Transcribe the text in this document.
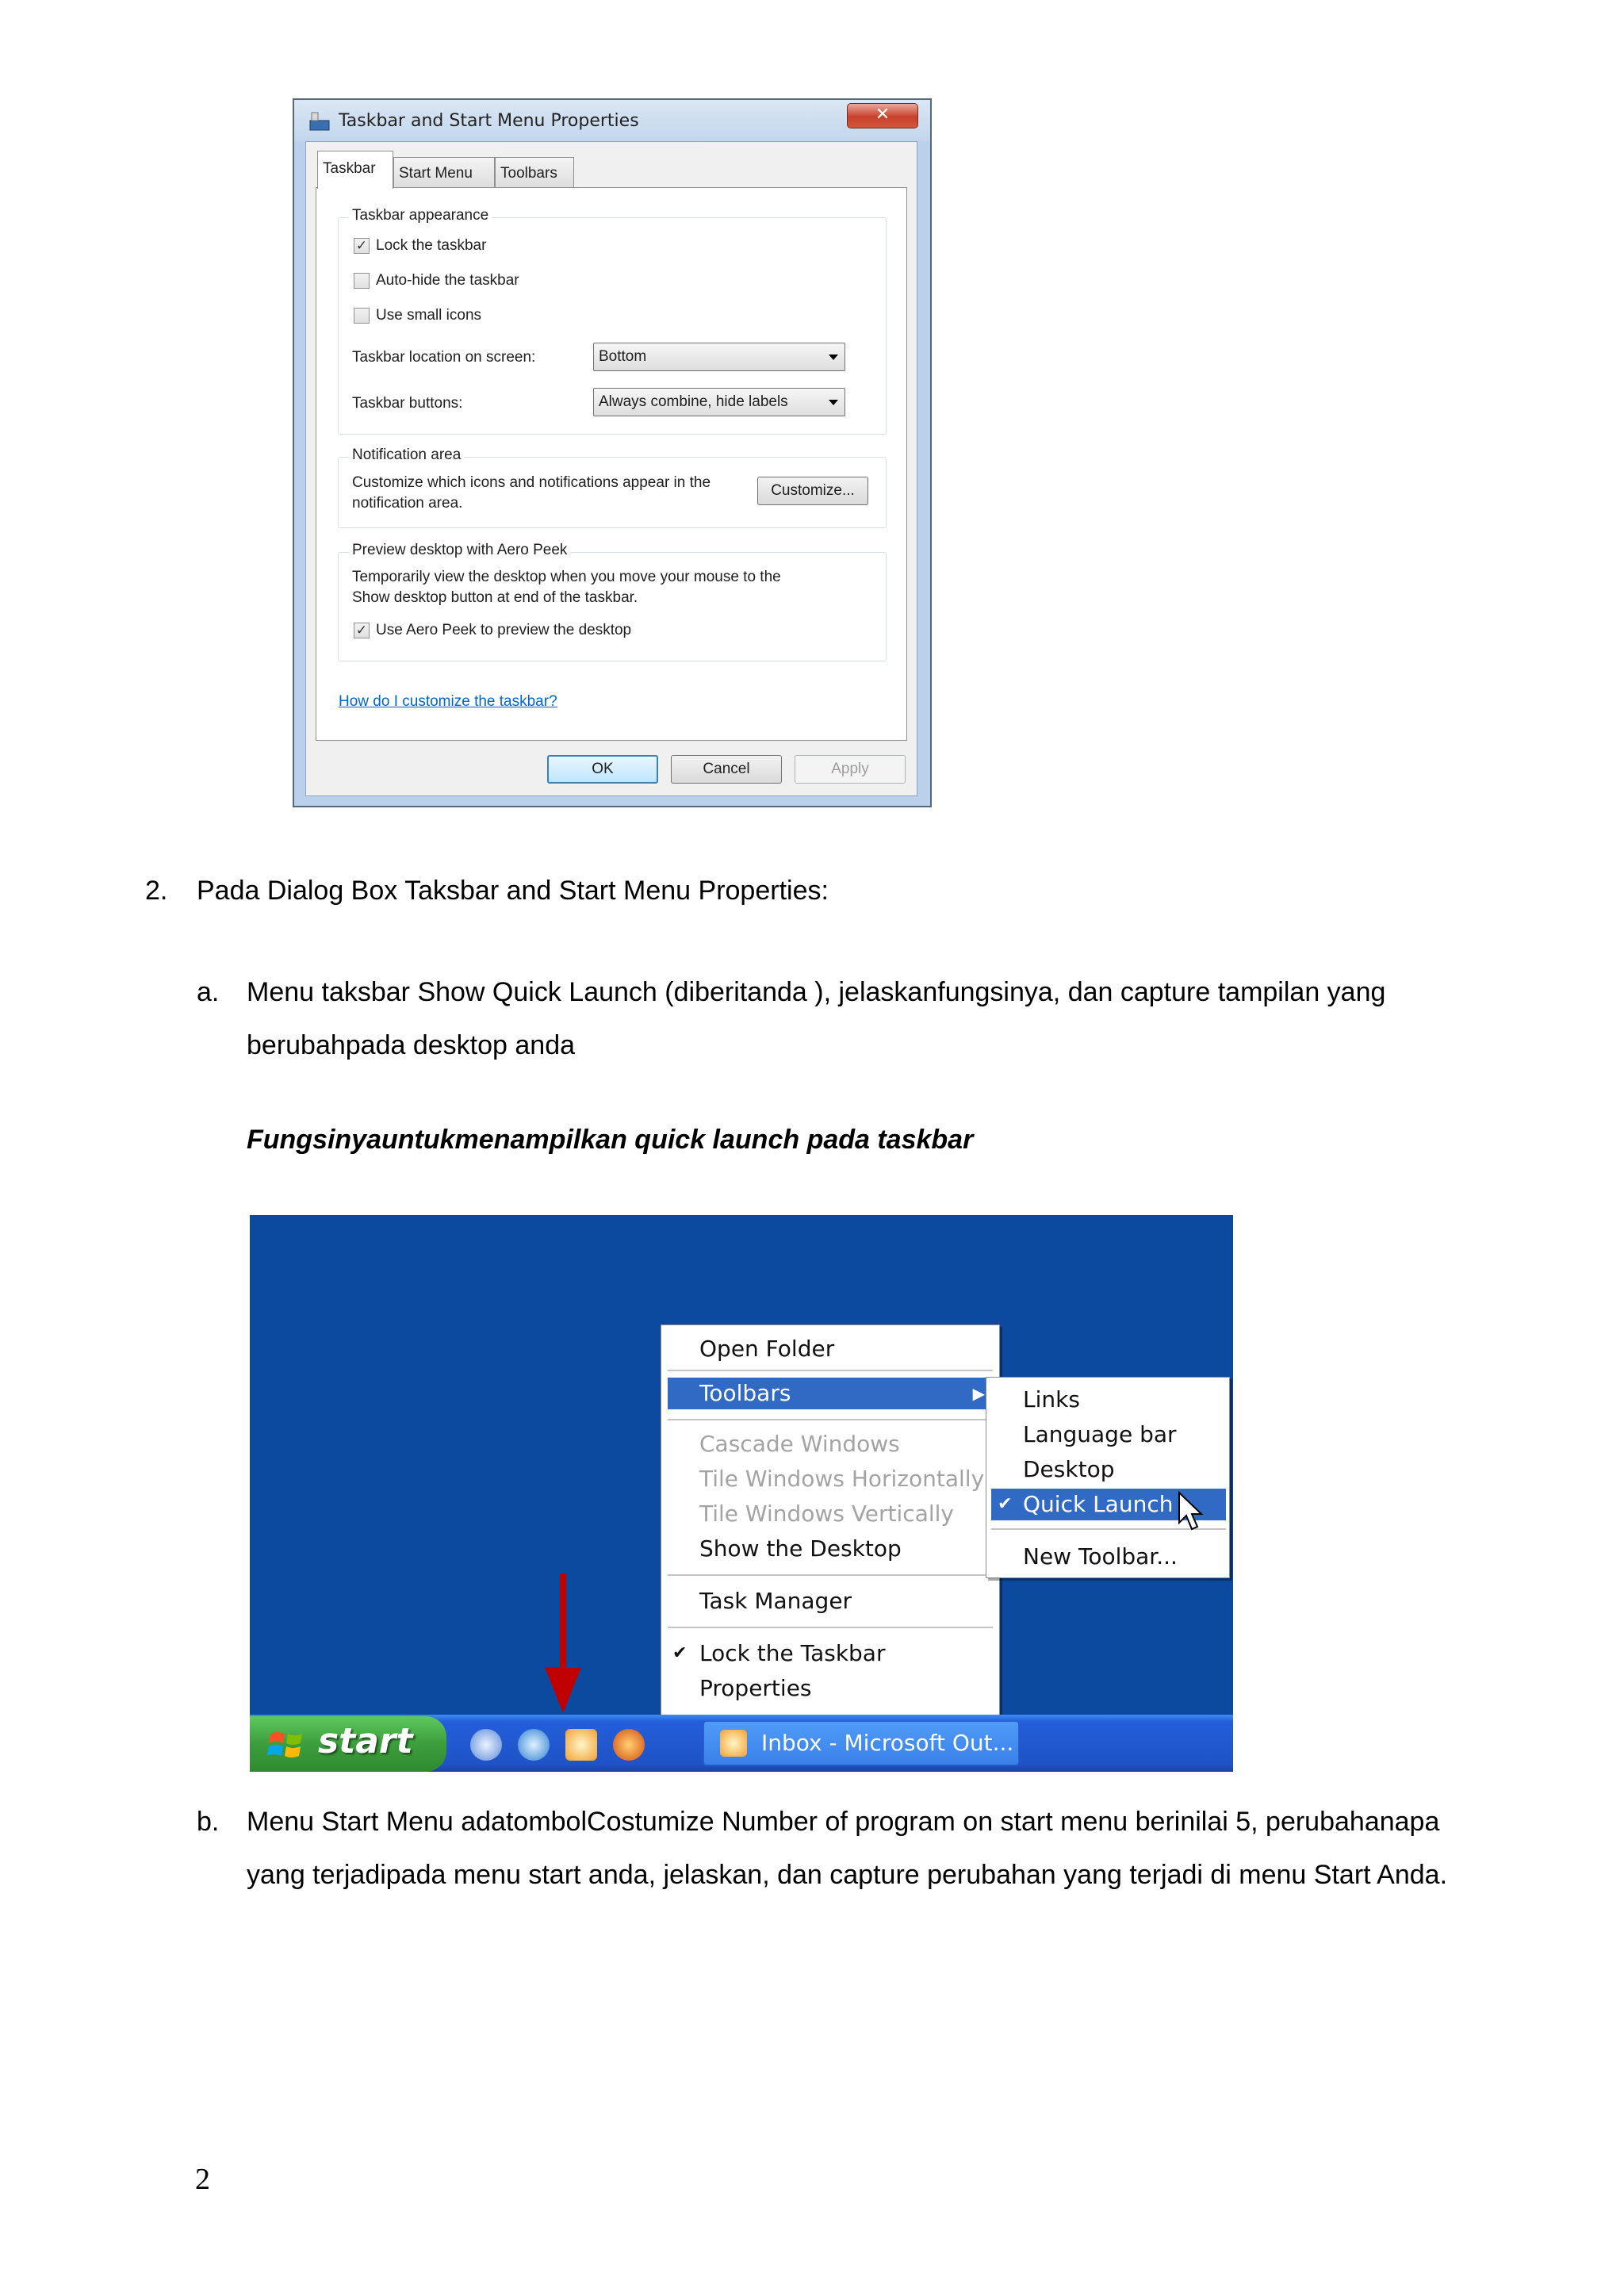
Taskbar and Start Menu Properties	✕
Taskbar	Start Menu	Toolbars
Taskbar appearance
✓ Lock the taskbar
Auto-hide the taskbar
Use small icons
Taskbar location on screen:	Bottom
Taskbar buttons:	Always combine, hide labels
Notification area
Customize which icons and notifications appear in the
notification area.
Customize...
Preview desktop with Aero Peek
Temporarily view the desktop when you move your mouse to the
Show desktop button at end of the taskbar.
✓ Use Aero Peek to preview the desktop
How do I customize the taskbar?
OK	Cancel	Apply
2. Pada Dialog Box Taksbar and Start Menu Properties:
a. Menu taksbar Show Quick Launch (diberitanda ), jelaskanfungsinya, dan capture tampilan yang
berubahpada desktop anda
Fungsinyauntukmenampilkan quick launch pada taskbar
Open Folder
Toolbars	▶
Cascade Windows
Tile Windows Horizontally
Tile Windows Vertically
Show the Desktop
Task Manager
✔ Lock the Taskbar
Properties
Links
Language bar
Desktop
✔ Quick Launch
New Toolbar...
start	Inbox - Microsoft Out...
b. Menu Start Menu adatombolCostumize Number of program on start menu berinilai 5, perubahanapa
yang terjadipada menu start anda, jelaskan, dan capture perubahan yang terjadi di menu Start Anda.
2
